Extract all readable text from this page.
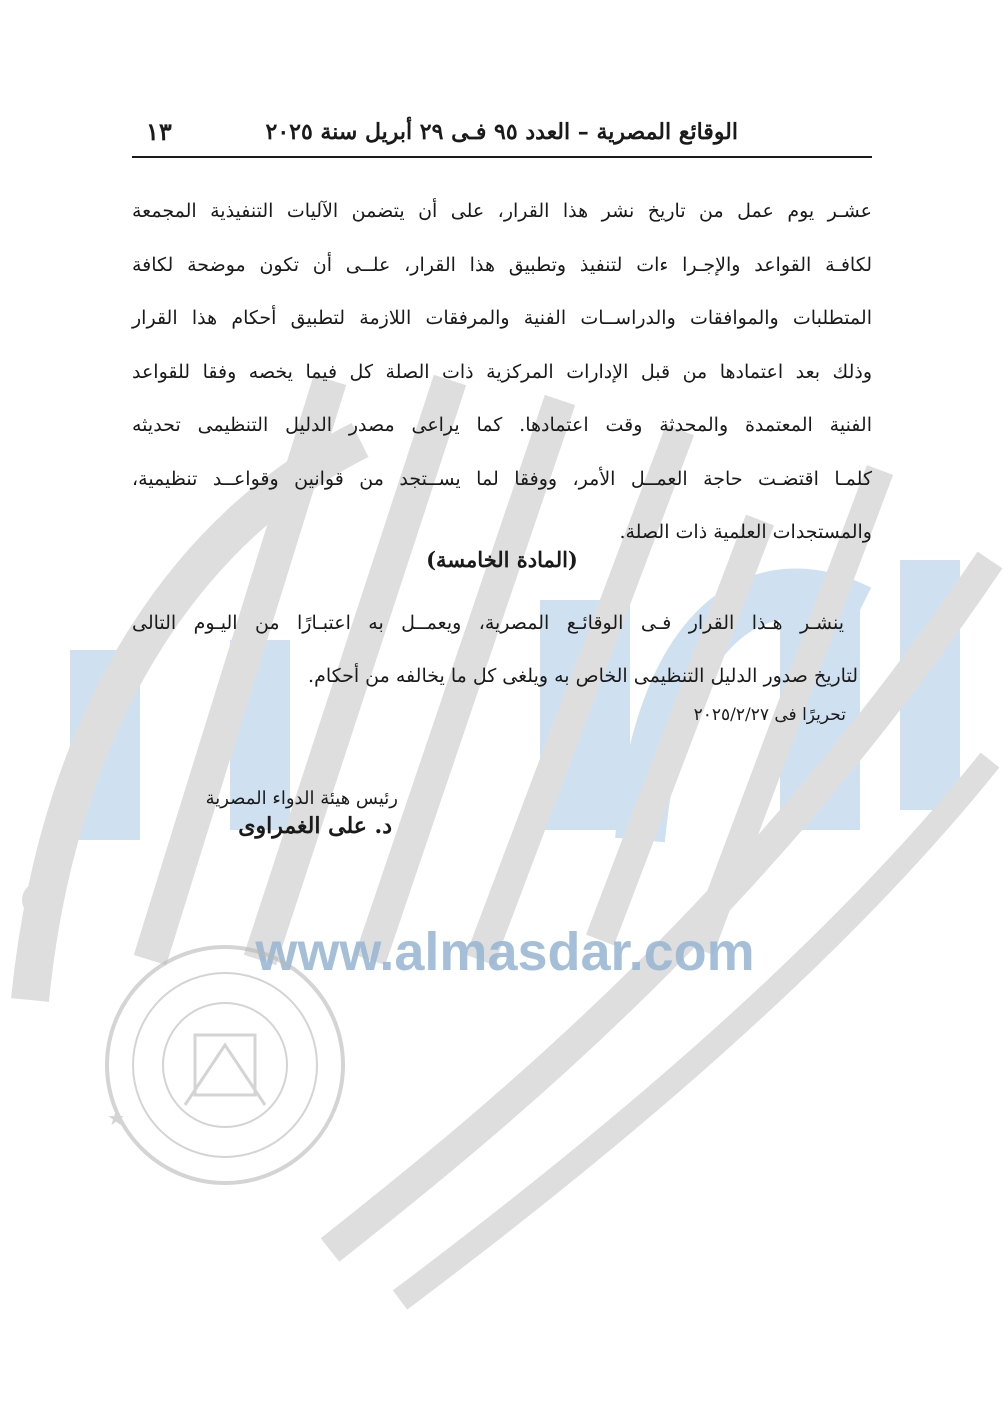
www.almasdar.com
★
١٣	الوقائع المصرية – العدد ٩٥ فـى ٢٩ أبريل سنة ٢٠٢٥

عشـر يوم عمل من تاريخ نشر هذا القرار، على أن يتضمن الآليات التنفيذية المجمعة
لكافـة القواعد والإجـرا ءات لتنفيذ وتطبيق هذا القرار، علــى أن تكون موضحة لكافة
المتطلبات والموافقات والدراســات الفنية والمرفقات اللازمة لتطبيق أحكام هذا القرار
وذلك بعد اعتمادها من قبل الإدارات المركزية ذات الصلة كل فيما يخصه وفقا للقواعد
الفنية المعتمدة والمحدثة وقت اعتمادها. كما يراعى مصدر الدليل التنظيمى تحديثه
كلمـا اقتضـت حاجة العمــل الأمر، ووفقا لما يســتجد من قوانين وقواعــد تنظيمية،
والمستجدات العلمية ذات الصلة.

(المادة الخامسة)

ينشـر هـذا القرار فـى الوقائـع المصرية، ويعمــل به اعتبـارًا من اليـوم التالى
لتاريخ صدور الدليل التنظيمى الخاص به ويلغى كل ما يخالفه من أحكام.

تحريرًا فى ٢٠٢٥/٢/٢٧
رئيس هيئة الدواء المصرية
د. على الغمراوى
